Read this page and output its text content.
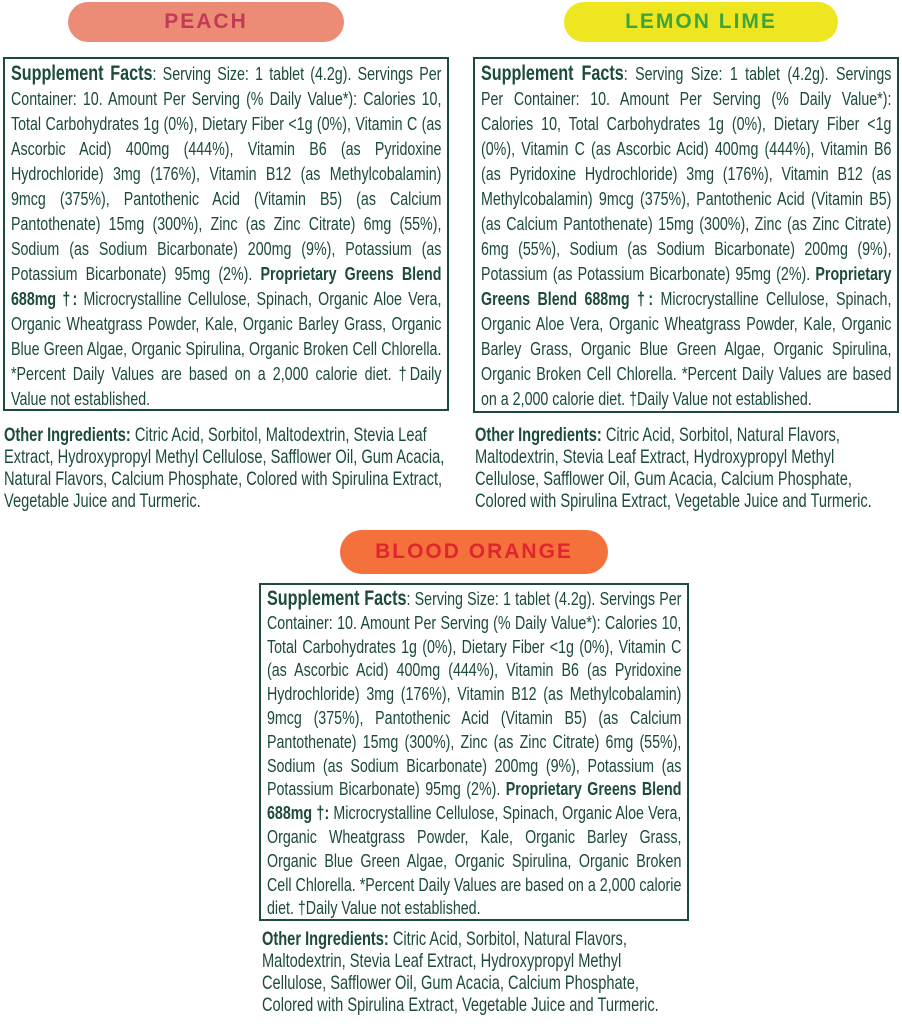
PEACH
Supplement Facts: Serving Size: 1 tablet (4.2g). Servings Per Container: 10. Amount Per Serving (% Daily Value*): Calories 10, Total Carbohydrates 1g (0%), Dietary Fiber <1g (0%), Vitamin C (as Ascorbic Acid) 400mg (444%), Vitamin B6 (as Pyridoxine Hydrochloride) 3mg (176%), Vitamin B12 (as Methylcobalamin) 9mcg (375%), Pantothenic Acid (Vitamin B5) (as Calcium Pantothenate) 15mg (300%), Zinc (as Zinc Citrate) 6mg (55%), Sodium (as Sodium Bicarbonate) 200mg (9%), Potassium (as Potassium Bicarbonate) 95mg (2%). Proprietary Greens Blend 688mg †: Microcrystalline Cellulose, Spinach, Organic Aloe Vera, Organic Wheatgrass Powder, Kale, Organic Barley Grass, Organic Blue Green Algae, Organic Spirulina, Organic Broken Cell Chlorella. *Percent Daily Values are based on a 2,000 calorie diet. †Daily Value not established.
Other Ingredients: Citric Acid, Sorbitol, Maltodextrin, Stevia Leaf Extract, Hydroxypropyl Methyl Cellulose, Safflower Oil, Gum Acacia, Natural Flavors, Calcium Phosphate, Colored with Spirulina Extract, Vegetable Juice and Turmeric.
LEMON LIME
Supplement Facts: Serving Size: 1 tablet (4.2g). Servings Per Container: 10. Amount Per Serving (% Daily Value*): Calories 10, Total Carbohydrates 1g (0%), Dietary Fiber <1g (0%), Vitamin C (as Ascorbic Acid) 400mg (444%), Vitamin B6 (as Pyridoxine Hydrochloride) 3mg (176%), Vitamin B12 (as Methylcobalamin) 9mcg (375%), Pantothenic Acid (Vitamin B5) (as Calcium Pantothenate) 15mg (300%), Zinc (as Zinc Citrate) 6mg (55%), Sodium (as Sodium Bicarbonate) 200mg (9%), Potassium (as Potassium Bicarbonate) 95mg (2%). Proprietary Greens Blend 688mg †: Microcrystalline Cellulose, Spinach, Organic Aloe Vera, Organic Wheatgrass Powder, Kale, Organic Barley Grass, Organic Blue Green Algae, Organic Spirulina, Organic Broken Cell Chlorella. *Percent Daily Values are based on a 2,000 calorie diet. †Daily Value not established.
Other Ingredients: Citric Acid, Sorbitol, Natural Flavors, Maltodextrin, Stevia Leaf Extract, Hydroxypropyl Methyl Cellulose, Safflower Oil, Gum Acacia, Calcium Phosphate, Colored with Spirulina Extract, Vegetable Juice and Turmeric.
BLOOD ORANGE
Supplement Facts: Serving Size: 1 tablet (4.2g). Servings Per Container: 10. Amount Per Serving (% Daily Value*): Calories 10, Total Carbohydrates 1g (0%), Dietary Fiber <1g (0%), Vitamin C (as Ascorbic Acid) 400mg (444%), Vitamin B6 (as Pyridoxine Hydrochloride) 3mg (176%), Vitamin B12 (as Methylcobalamin) 9mcg (375%), Pantothenic Acid (Vitamin B5) (as Calcium Pantothenate) 15mg (300%), Zinc (as Zinc Citrate) 6mg (55%), Sodium (as Sodium Bicarbonate) 200mg (9%), Potassium (as Potassium Bicarbonate) 95mg (2%). Proprietary Greens Blend 688mg †: Microcrystalline Cellulose, Spinach, Organic Aloe Vera, Organic Wheatgrass Powder, Kale, Organic Barley Grass, Organic Blue Green Algae, Organic Spirulina, Organic Broken Cell Chlorella. *Percent Daily Values are based on a 2,000 calorie diet. †Daily Value not established.
Other Ingredients: Citric Acid, Sorbitol, Natural Flavors, Maltodextrin, Stevia Leaf Extract, Hydroxypropyl Methyl Cellulose, Safflower Oil, Gum Acacia, Calcium Phosphate, Colored with Spirulina Extract, Vegetable Juice and Turmeric.
